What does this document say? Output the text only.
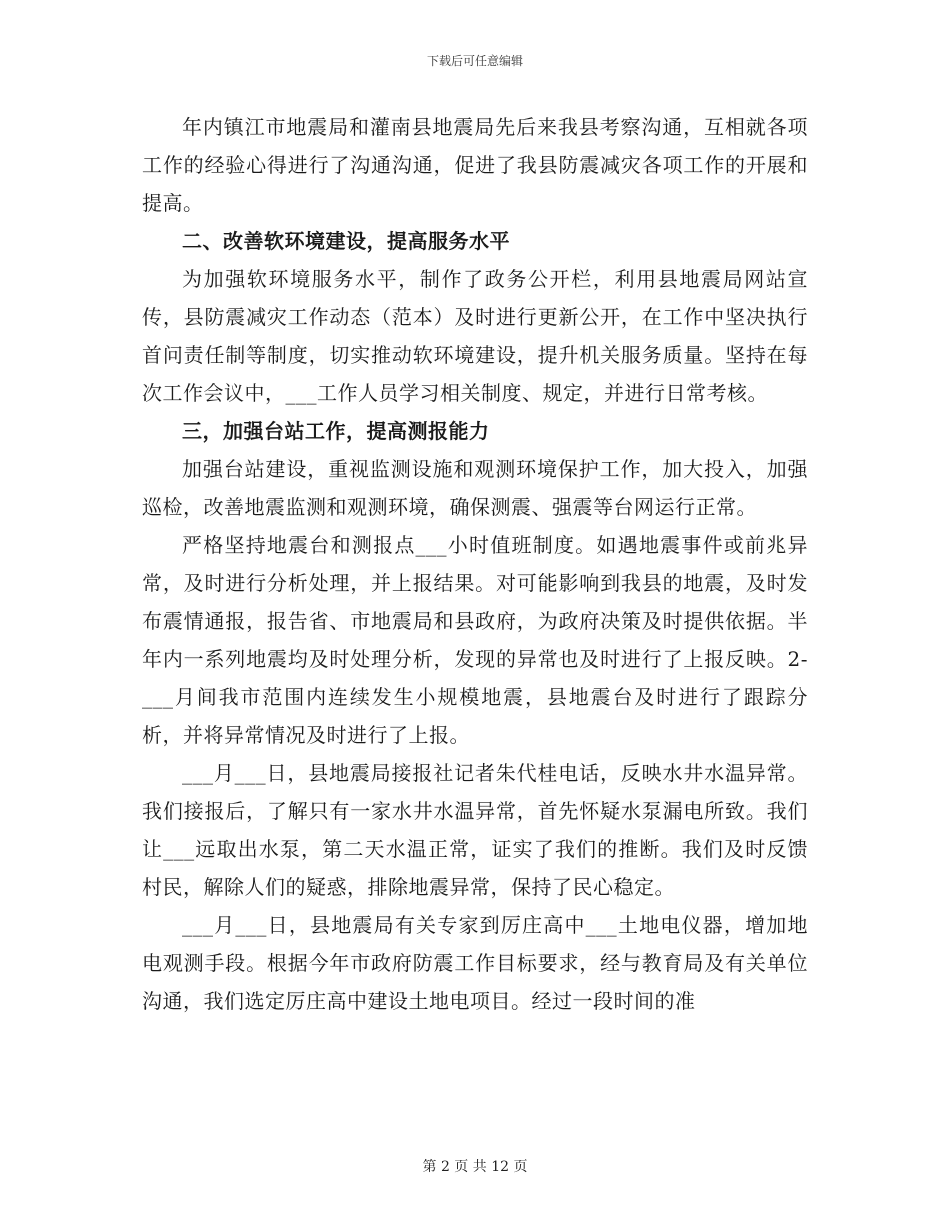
下载后可任意编辑

年内镇江市地震局和灌南县地震局先后来我县考察沟通，互相就各项工作的经验心得进行了沟通沟通，促进了我县防震减灾各项工作的开展和提高。

二、改善软环境建设，提高服务水平

为加强软环境服务水平，制作了政务公开栏，利用县地震局网站宣传，县防震减灾工作动态（范本）及时进行更新公开，在工作中坚决执行首问责任制等制度，切实推动软环境建设，提升机关服务质量。坚持在每次工作会议中，___工作人员学习相关制度、规定，并进行日常考核。

三，加强台站工作，提高测报能力

加强台站建设，重视监测设施和观测环境保护工作，加大投入，加强巡检，改善地震监测和观测环境，确保测震、强震等台网运行正常。

严格坚持地震台和测报点___小时值班制度。如遇地震事件或前兆异常，及时进行分析处理，并上报结果。对可能影响到我县的地震，及时发布震情通报，报告省、市地震局和县政府，为政府决策及时提供依据。半年内一系列地震均及时处理分析，发现的异常也及时进行了上报反映。2-___月间我市范围内连续发生小规模地震，县地震台及时进行了跟踪分析，并将异常情况及时进行了上报。

___月___日，县地震局接报社记者朱代桂电话，反映水井水温异常。我们接报后，了解只有一家水井水温异常，首先怀疑水泵漏电所致。我们让___远取出水泵，第二天水温正常，证实了我们的推断。我们及时反馈村民，解除人们的疑惑，排除地震异常，保持了民心稳定。

___月___日，县地震局有关专家到厉庄高中___土地电仪器，增加地电观测手段。根据今年市政府防震工作目标要求，经与教育局及有关单位沟通，我们选定厉庄高中建设土地电项目。经过一段时间的准

第 2 页 共 12 页
